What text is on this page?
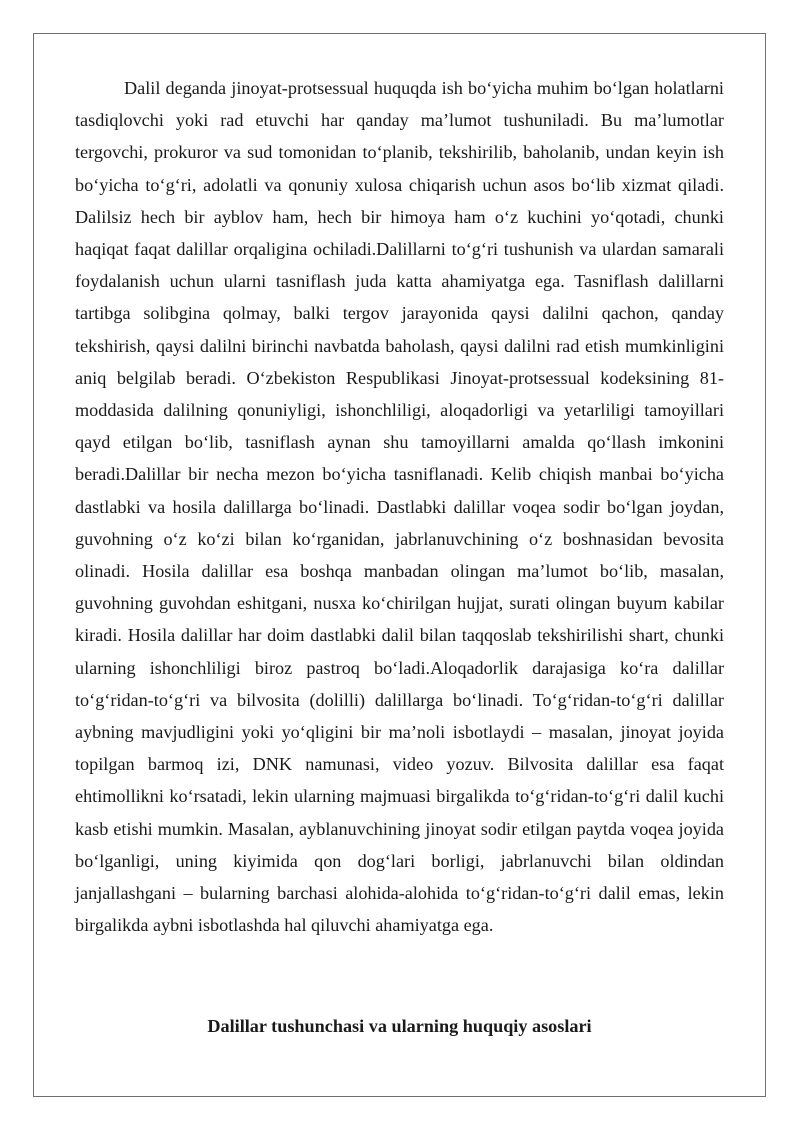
Dalil deganda jinoyat-protsessual huquqda ish bo‘yicha muhim bo‘lgan holatlarni tasdiqlovchi yoki rad etuvchi har qanday ma’lumot tushuniladi. Bu ma’lumotlar tergovchi, prokuror va sud tomonidan to‘planib, tekshirilib, baholanib, undan keyin ish bo‘yicha to‘g‘ri, adolatli va qonuniy xulosa chiqarish uchun asos bo‘lib xizmat qiladi. Dalilsiz hech bir ayblov ham, hech bir himoya ham o‘z kuchini yo‘qotadi, chunki haqiqat faqat dalillar orqaligina ochiladi.Dalillarni to‘g‘ri tushunish va ulardan samarali foydalanish uchun ularni tasniflash juda katta ahamiyatga ega. Tasniflash dalillarni tartibga solibgina qolmay, balki tergov jarayonida qaysi dalilni qachon, qanday tekshirish, qaysi dalilni birinchi navbatda baholash, qaysi dalilni rad etish mumkinligini aniq belgilab beradi. O‘zbekiston Respublikasi Jinoyat-protsessual kodeksining 81-moddasida dalilning qonuniyligi, ishonchliligi, aloqadorligi va yetarliligi tamoyillari qayd etilgan bo‘lib, tasniflash aynan shu tamoyillarni amalda qo‘llash imkonini beradi.Dalillar bir necha mezon bo‘yicha tasniflanadi. Kelib chiqish manbai bo‘yicha dastlabki va hosila dalillarga bo‘linadi. Dastlabki dalillar voqea sodir bo‘lgan joydan, guvohning o‘z ko‘zi bilan ko‘rganidan, jabrlanuvchining o‘z boshnasidan bevosita olinadi. Hosila dalillar esa boshqa manbadan olingan ma’lumot bo‘lib, masalan, guvohning guvohdan eshitgani, nusxa ko‘chirilgan hujjat, surati olingan buyum kabilar kiradi. Hosila dalillar har doim dastlabki dalil bilan taqqoslab tekshirilishi shart, chunki ularning ishonchliligi biroz pastroq bo‘ladi.Aloqadorlik darajasiga ko‘ra dalillar to‘g‘ridan-to‘g‘ri va bilvosita (dolilli) dalillarga bo‘linadi. To‘g‘ridan-to‘g‘ri dalillar aybning mavjudligini yoki yo‘qligini bir ma’noli isbotlaydi – masalan, jinoyat joyida topilgan barmoq izi, DNK namunasi, video yozuv. Bilvosita dalillar esa faqat ehtimollikni ko‘rsatadi, lekin ularning majmuasi birgalikda to‘g‘ridan-to‘g‘ri dalil kuchi kasb etishi mumkin. Masalan, ayblanuvchining jinoyat sodir etilgan paytda voqea joyida bo‘lganligi, uning kiyimida qon dog‘lari borligi, jabrlanuvchi bilan oldindan janjallashgani – bularning barchasi alohida-alohida to‘g‘ridan-to‘g‘ri dalil emas, lekin birgalikda aybni isbotlashda hal qiluvchi ahamiyatga ega.

Dalillar tushunchasi va ularning huquqiy asoslari
